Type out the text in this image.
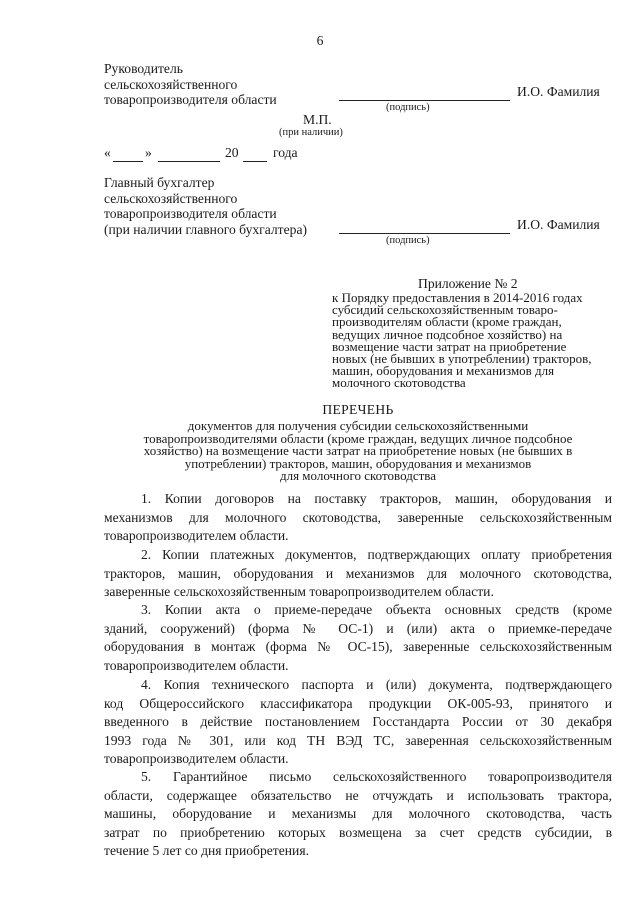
6
Руководитель
сельскохозяйственного
товаропроизводителя области
И.О. Фамилия
(подпись)
М.П.
(при наличии)
«	»	20	года
Главный бухгалтер
сельскохозяйственного
товаропроизводителя области
(при наличии главного бухгалтера)	И.О. Фамилия
(подпись)
Приложение № 2
к Порядку предоставления в 2014-2016 годах
субсидий сельскохозяйственным товаро-
производителям области (кроме граждан,
ведущих личное подсобное хозяйство) на
возмещение части затрат на приобретение
новых (не бывших в употреблении) тракторов,
машин, оборудования и механизмов для
молочного скотоводства
ПЕРЕЧЕНЬ
документов для получения субсидии сельскохозяйственными
товаропроизводителями области (кроме граждан, ведущих личное подсобное
хозяйство) на возмещение части затрат на приобретение новых (не бывших в
употреблении) тракторов, машин, оборудования и механизмов
для молочного скотоводства
1. Копии договоров на поставку тракторов, машин, оборудования и
механизмов для молочного скотоводства, заверенные сельскохозяйственным
товаропроизводителем области.
2. Копии платежных документов, подтверждающих оплату приобретения
тракторов, машин, оборудования и механизмов для молочного скотоводства,
заверенные сельскохозяйственным товаропроизводителем области.
3. Копии акта о приеме-передаче объекта основных средств (кроме
зданий, сооружений) (форма № ОС-1) и (или) акта о приемке-передаче
оборудования в монтаж (форма № ОС-15), заверенные сельскохозяйственным
товаропроизводителем области.
4. Копия технического паспорта и (или) документа, подтверждающего
код Общероссийского классификатора продукции ОК-005-93, принятого и
введенного в действие постановлением Госстандарта России от 30 декабря
1993 года № 301, или код ТН ВЭД ТС, заверенная сельскохозяйственным
товаропроизводителем области.
5. Гарантийное письмо сельскохозяйственного товаропроизводителя
области, содержащее обязательство не отчуждать и использовать трактора,
машины, оборудование и механизмы для молочного скотоводства, часть
затрат по приобретению которых возмещена за счет средств субсидии, в
течение 5 лет со дня приобретения.
